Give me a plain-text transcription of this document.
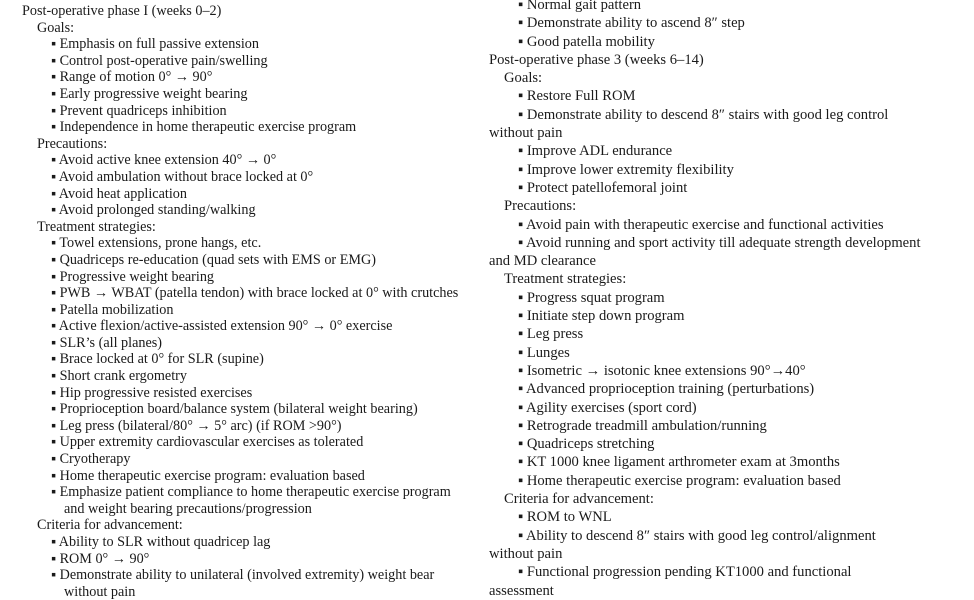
Post-operative phase I (weeks 0–2)
Goals:
▪ Emphasis on full passive extension
▪ Control post-operative pain/swelling
▪ Range of motion 0° → 90°
▪ Early progressive weight bearing
▪ Prevent quadriceps inhibition
▪ Independence in home therapeutic exercise program
Precautions:
▪ Avoid active knee extension 40° → 0°
▪ Avoid ambulation without brace locked at 0°
▪ Avoid heat application
▪ Avoid prolonged standing/walking
Treatment strategies:
▪ Towel extensions, prone hangs, etc.
▪ Quadriceps re-education (quad sets with EMS or EMG)
▪ Progressive weight bearing
▪ PWB → WBAT (patella tendon) with brace locked at 0° with crutches
▪ Patella mobilization
▪ Active flexion/active-assisted extension 90° → 0° exercise
▪ SLR’s (all planes)
▪ Brace locked at 0° for SLR (supine)
▪ Short crank ergometry
▪ Hip progressive resisted exercises
▪ Proprioception board/balance system (bilateral weight bearing)
▪ Leg press (bilateral/80° → 5° arc) (if ROM >90°)
▪ Upper extremity cardiovascular exercises as tolerated
▪ Cryotherapy
▪ Home therapeutic exercise program: evaluation based
▪ Emphasize patient compliance to home therapeutic exercise program
and weight bearing precautions/progression
Criteria for advancement:
▪ Ability to SLR without quadricep lag
▪ ROM 0° → 90°
▪ Demonstrate ability to unilateral (involved extremity) weight bear
without pain
▪ Normal gait pattern
▪ Demonstrate ability to ascend 8″ step
▪ Good patella mobility
Post-operative phase 3 (weeks 6–14)
Goals:
▪ Restore Full ROM
▪ Demonstrate ability to descend 8″ stairs with good leg control
without pain
▪ Improve ADL endurance
▪ Improve lower extremity flexibility
▪ Protect patellofemoral joint
Precautions:
▪ Avoid pain with therapeutic exercise and functional activities
▪ Avoid running and sport activity till adequate strength development
and MD clearance
Treatment strategies:
▪ Progress squat program
▪ Initiate step down program
▪ Leg press
▪ Lunges
▪ Isometric → isotonic knee extensions 90°→40°
▪ Advanced proprioception training (perturbations)
▪ Agility exercises (sport cord)
▪ Retrograde treadmill ambulation/running
▪ Quadriceps stretching
▪ KT 1000 knee ligament arthrometer exam at 3months
▪ Home therapeutic exercise program: evaluation based
Criteria for advancement:
▪ ROM to WNL
▪ Ability to descend 8″ stairs with good leg control/alignment
without pain
▪ Functional progression pending KT1000 and functional
assessment
